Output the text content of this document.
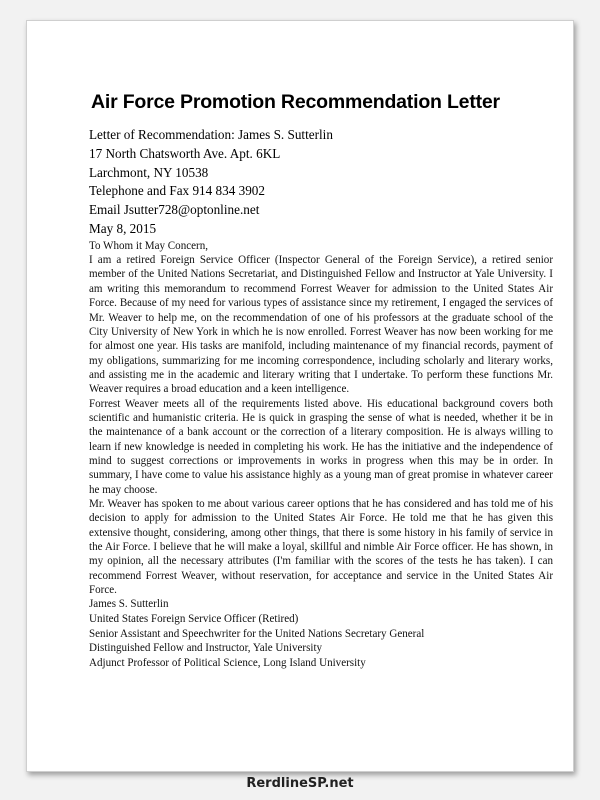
Air Force Promotion Recommendation Letter
Letter of Recommendation: James S. Sutterlin
17 North Chatsworth Ave. Apt. 6KL
Larchmont, NY 10538
Telephone and Fax 914 834 3902
Email Jsutter728@optonline.net
May 8, 2015

To Whom it May Concern,

I am a retired Foreign Service Officer (Inspector General of the Foreign Service), a retired senior member of the United Nations Secretariat, and Distinguished Fellow and Instructor at Yale University. I am writing this memorandum to recommend Forrest Weaver for admission to the United States Air Force. Because of my need for various types of assistance since my retirement, I engaged the services of Mr. Weaver to help me, on the recommendation of one of his professors at the graduate school of the City University of New York in which he is now enrolled. Forrest Weaver has now been working for me for almost one year. His tasks are manifold, including maintenance of my financial records, payment of my obligations, summarizing for me incoming correspondence, including scholarly and literary works, and assisting me in the academic and literary writing that I undertake. To perform these functions Mr. Weaver requires a broad education and a keen intelligence.

Forrest Weaver meets all of the requirements listed above. His educational background covers both scientific and humanistic criteria. He is quick in grasping the sense of what is needed, whether it be in the maintenance of a bank account or the correction of a literary composition. He is always willing to learn if new knowledge is needed in completing his work. He has the initiative and the independence of mind to suggest corrections or improvements in works in progress when this may be in order. In summary, I have come to value his assistance highly as a young man of great promise in whatever career he may choose.

Mr. Weaver has spoken to me about various career options that he has considered and has told me of his decision to apply for admission to the United States Air Force. He told me that he has given this extensive thought, considering, among other things, that there is some history in his family of service in the Air Force. I believe that he will make a loyal, skillful and nimble Air Force officer. He has shown, in my opinion, all the necessary attributes (I'm familiar with the scores of the tests he has taken). I can recommend Forrest Weaver, without reservation, for acceptance and service in the United States Air Force.

James S. Sutterlin
United States Foreign Service Officer (Retired)
Senior Assistant and Speechwriter for the United Nations Secretary General
Distinguished Fellow and Instructor, Yale University
Adjunct Professor of Political Science, Long Island University
RerdlineSP.net
